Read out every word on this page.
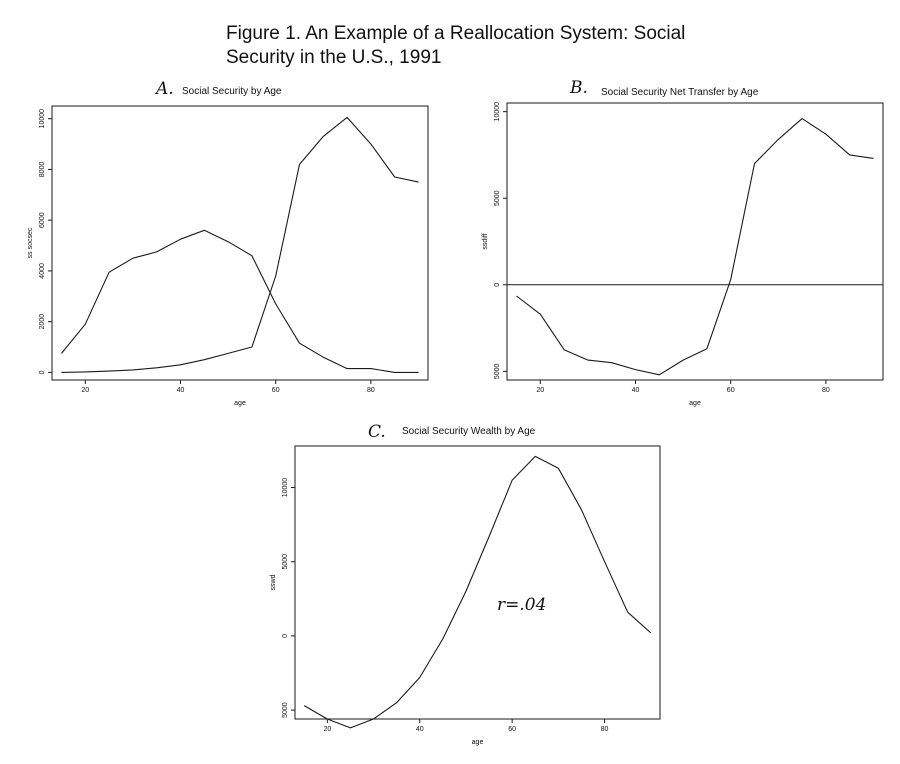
Figure 1. An Example of a Reallocation System: Social
Security in the U.S., 1991
A. Social Security by Age
20	40	60	80
age
0
2000
4000
6000
8000
10000
ss socsec
B. Social Security Net Transfer by Age
20	40	60	80
age
5000
0
5000
10000
ssdiff
C. Social Security Wealth by Age
20	40	60	80
age
5000
0
5000
10000
sswd
r=.04
